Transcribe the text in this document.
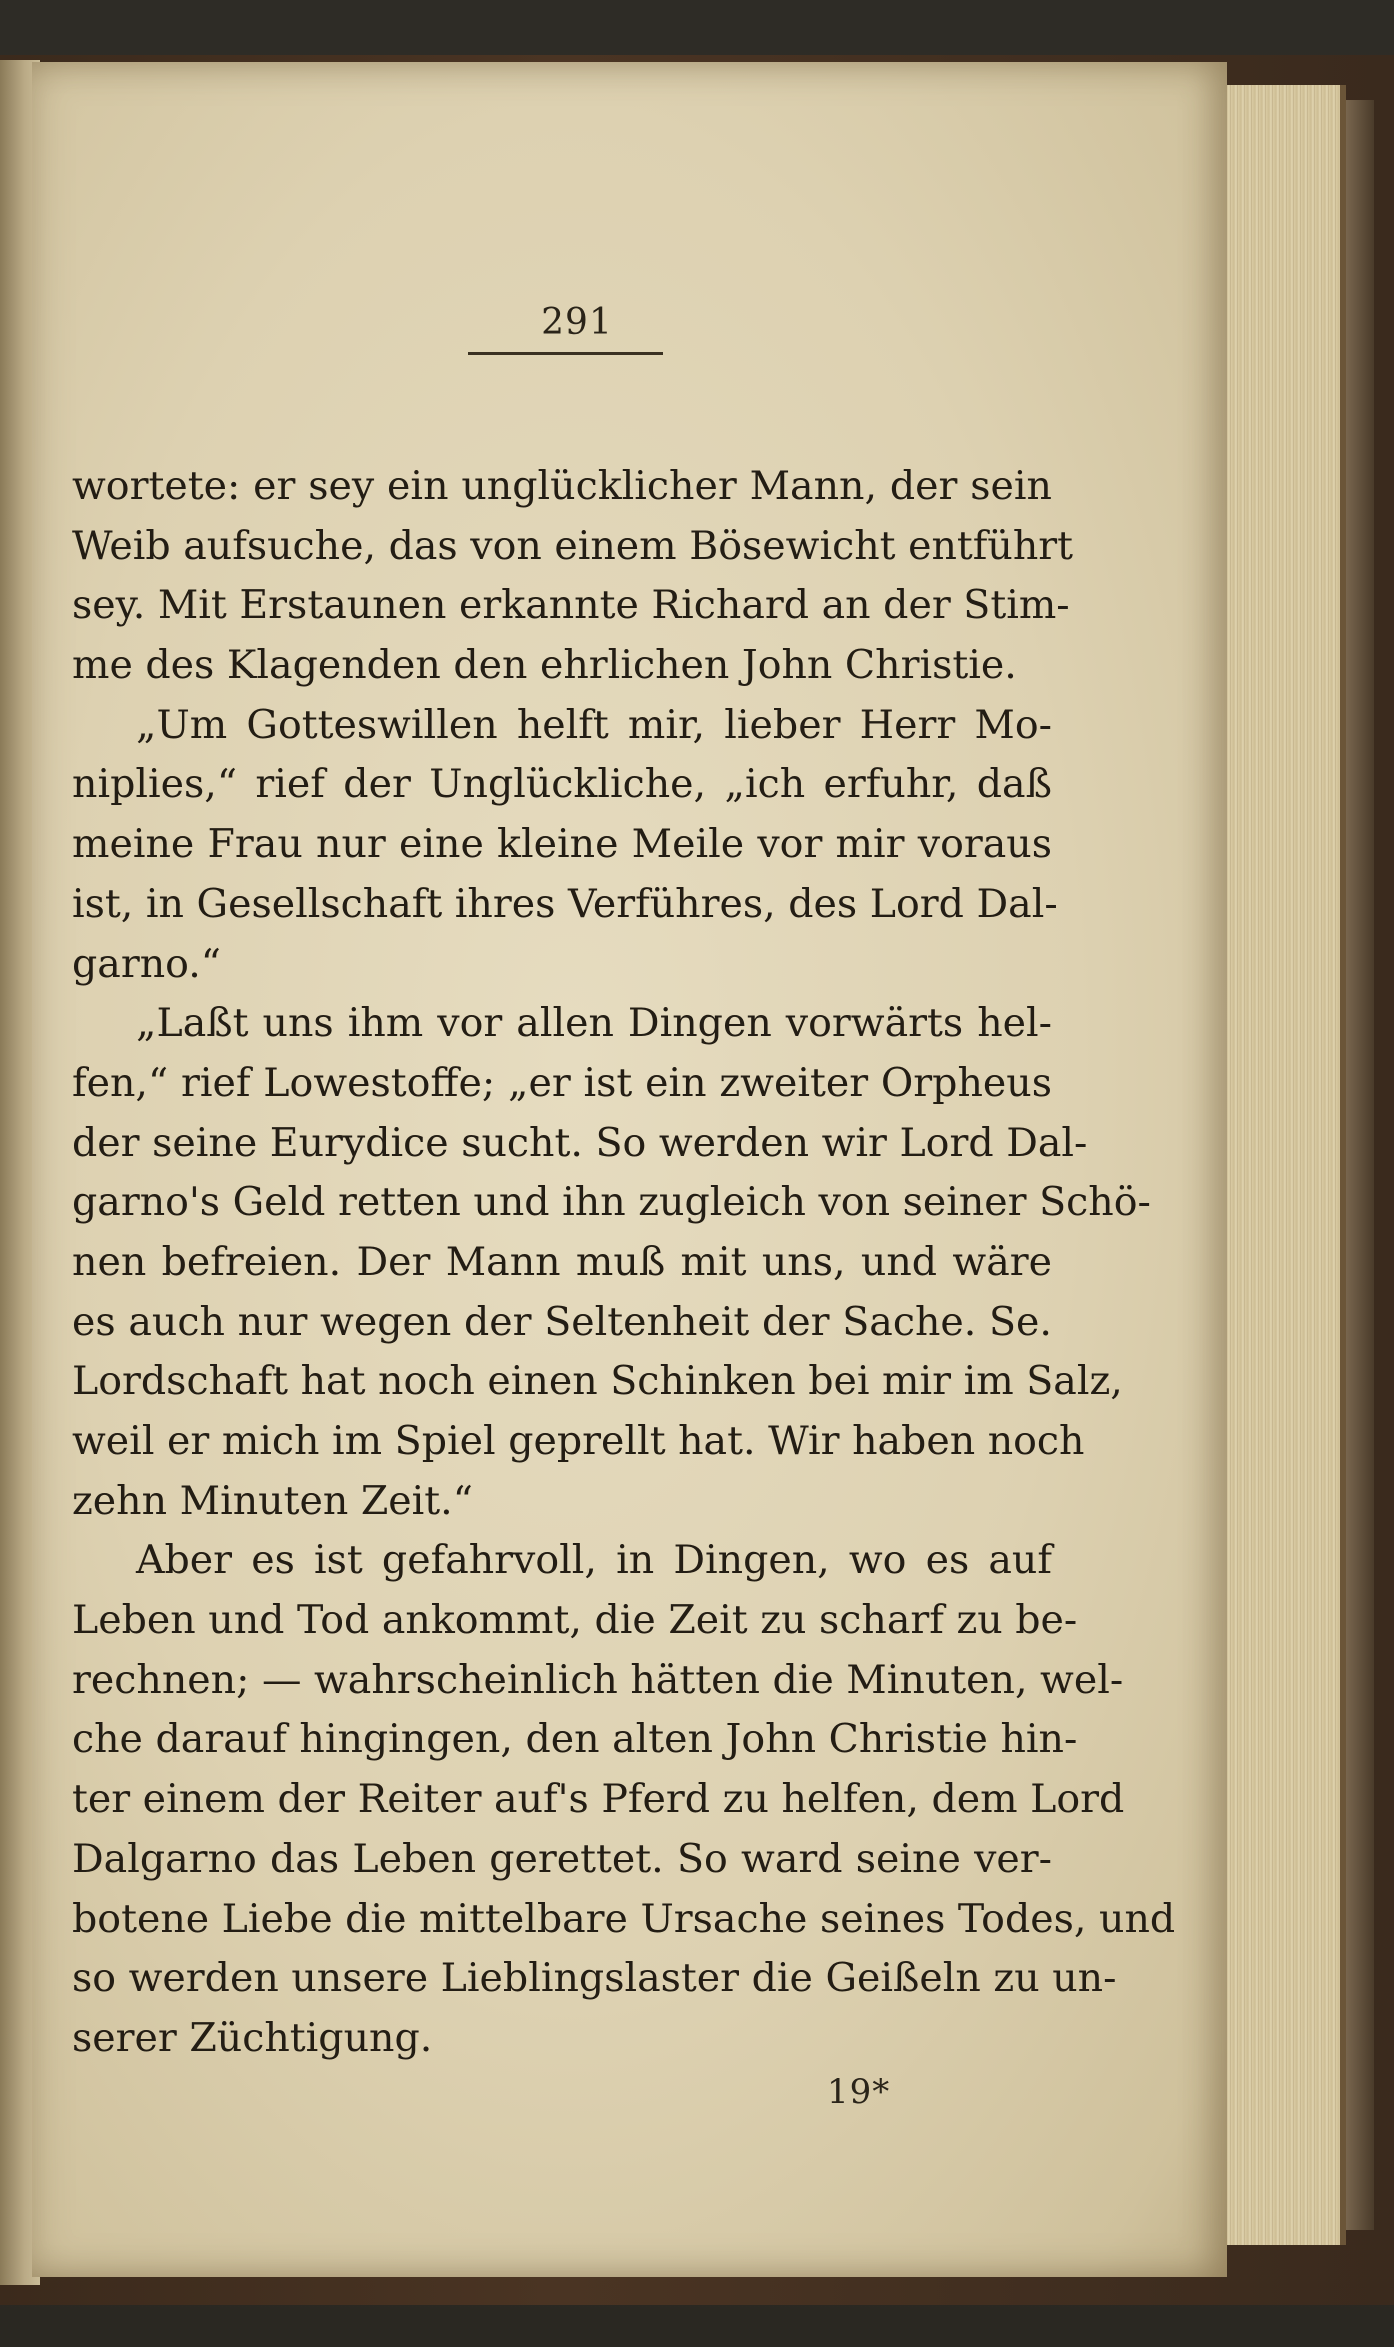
291
wortete: er sey ein unglücklicher Mann, der sein
Weib aufsuche, das von einem Bösewicht entführt
sey. Mit Erstaunen erkannte Richard an der Stim-
me des Klagenden den ehrlichen John Christie.
„Um Gotteswillen helft mir, lieber Herr Mo-
niplies,“ rief der Unglückliche, „ich erfuhr, daß
meine Frau nur eine kleine Meile vor mir voraus
ist, in Gesellschaft ihres Verführes, des Lord Dal-
garno.“
„Laßt uns ihm vor allen Dingen vorwärts hel-
fen,“ rief Lowestoffe; „er ist ein zweiter Orpheus
der seine Eurydice sucht. So werden wir Lord Dal-
garno's Geld retten und ihn zugleich von seiner Schö-
nen befreien. Der Mann muß mit uns, und wäre
es auch nur wegen der Seltenheit der Sache. Se.
Lordschaft hat noch einen Schinken bei mir im Salz,
weil er mich im Spiel geprellt hat. Wir haben noch
zehn Minuten Zeit.“
Aber es ist gefahrvoll, in Dingen, wo es auf
Leben und Tod ankommt, die Zeit zu scharf zu be-
rechnen; — wahrscheinlich hätten die Minuten, wel-
che darauf hingingen, den alten John Christie hin-
ter einem der Reiter auf's Pferd zu helfen, dem Lord
Dalgarno das Leben gerettet. So ward seine ver-
botene Liebe die mittelbare Ursache seines Todes, und
so werden unsere Lieblingslaster die Geißeln zu un-
serer Züchtigung.
19*
